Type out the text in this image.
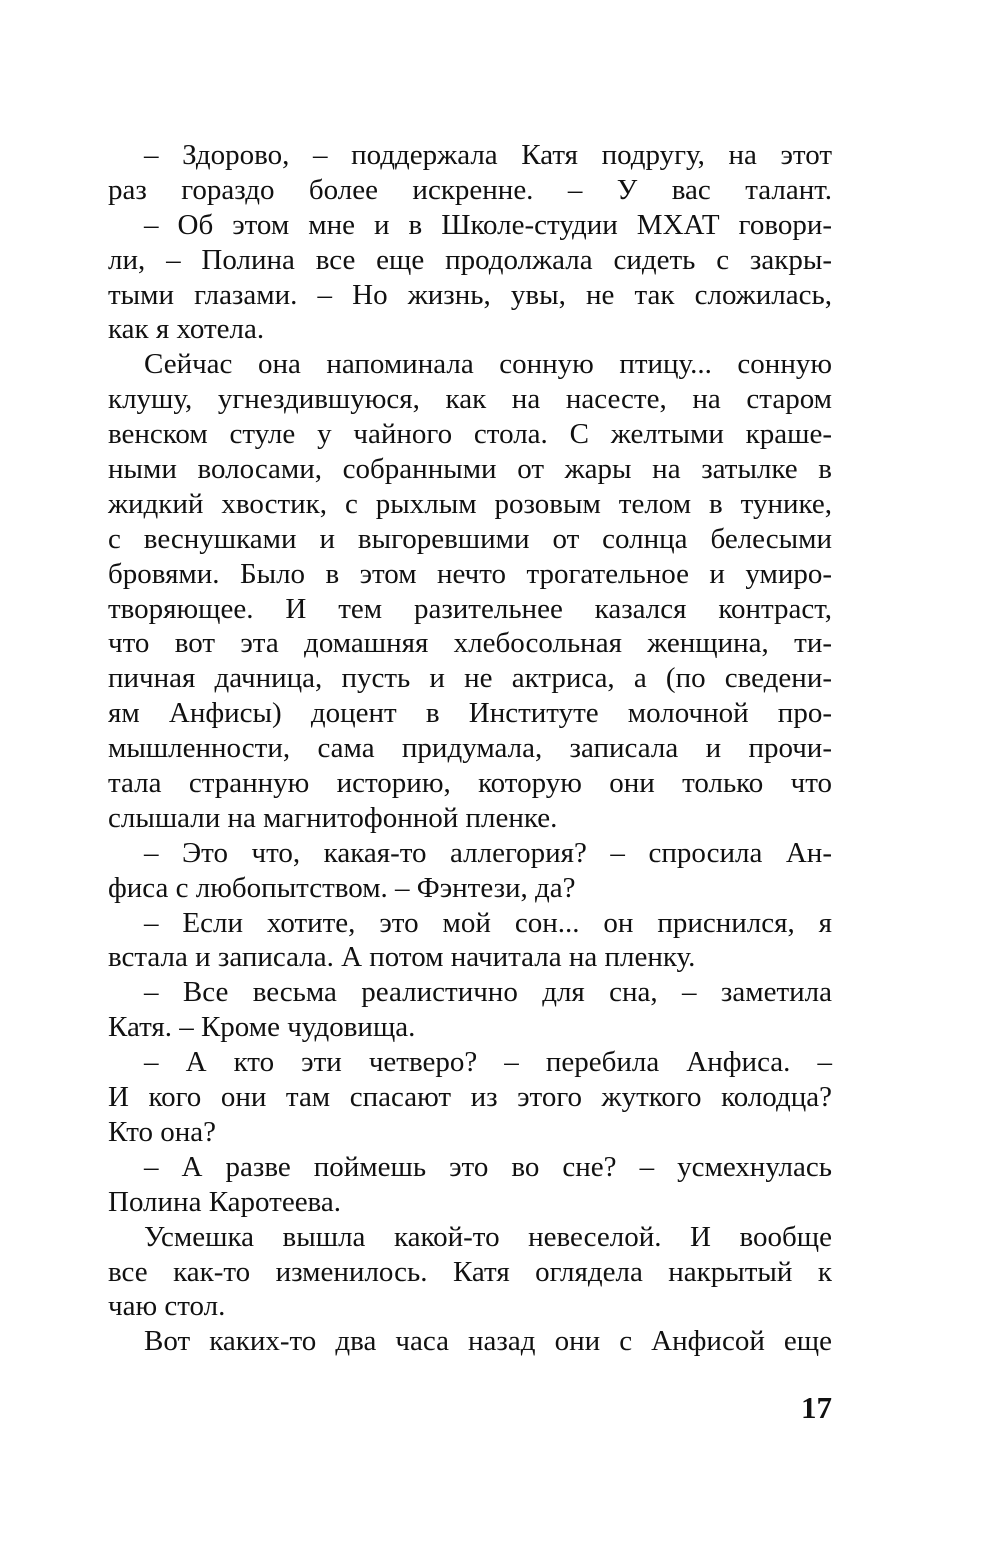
– Здорово, – поддержала Катя подругу, на этот
раз гораздо более искренне. – У вас талант.
– Об этом мне и в Школе-студии МХАТ говори-
ли, – Полина все еще продолжала сидеть с закры-
тыми глазами. – Но жизнь, увы, не так сложилась,
как я хотела.
Сейчас она напоминала сонную птицу... сонную
клушу, угнездившуюся, как на насесте, на старом
венском стуле у чайного стола. С желтыми краше-
ными волосами, собранными от жары на затылке в
жидкий хвостик, с рыхлым розовым телом в тунике,
с веснушками и выгоревшими от солнца белесыми
бровями. Было в этом нечто трогательное и умиро-
творяющее. И тем разительнее казался контраст,
что вот эта домашняя хлебосольная женщина, ти-
пичная дачница, пусть и не актриса, а (по сведени-
ям Анфисы) доцент в Институте молочной про-
мышленности, сама придумала, записала и прочи-
тала странную историю, которую они только что
слышали на магнитофонной пленке.
– Это что, какая-то аллегория? – спросила Ан-
фиса с любопытством. – Фэнтези, да?
– Если хотите, это мой сон... он приснился, я
встала и записала. А потом начитала на пленку.
– Все весьма реалистично для сна, – заметила
Катя. – Кроме чудовища.
– А кто эти четверо? – перебила Анфиса. –
И кого они там спасают из этого жуткого колодца?
Кто она?
– А разве поймешь это во сне? – усмехнулась
Полина Каротеева.
Усмешка вышла какой-то невеселой. И вообще
все как-то изменилось. Катя оглядела накрытый к
чаю стол.
Вот каких-то два часа назад они с Анфисой еще
17
